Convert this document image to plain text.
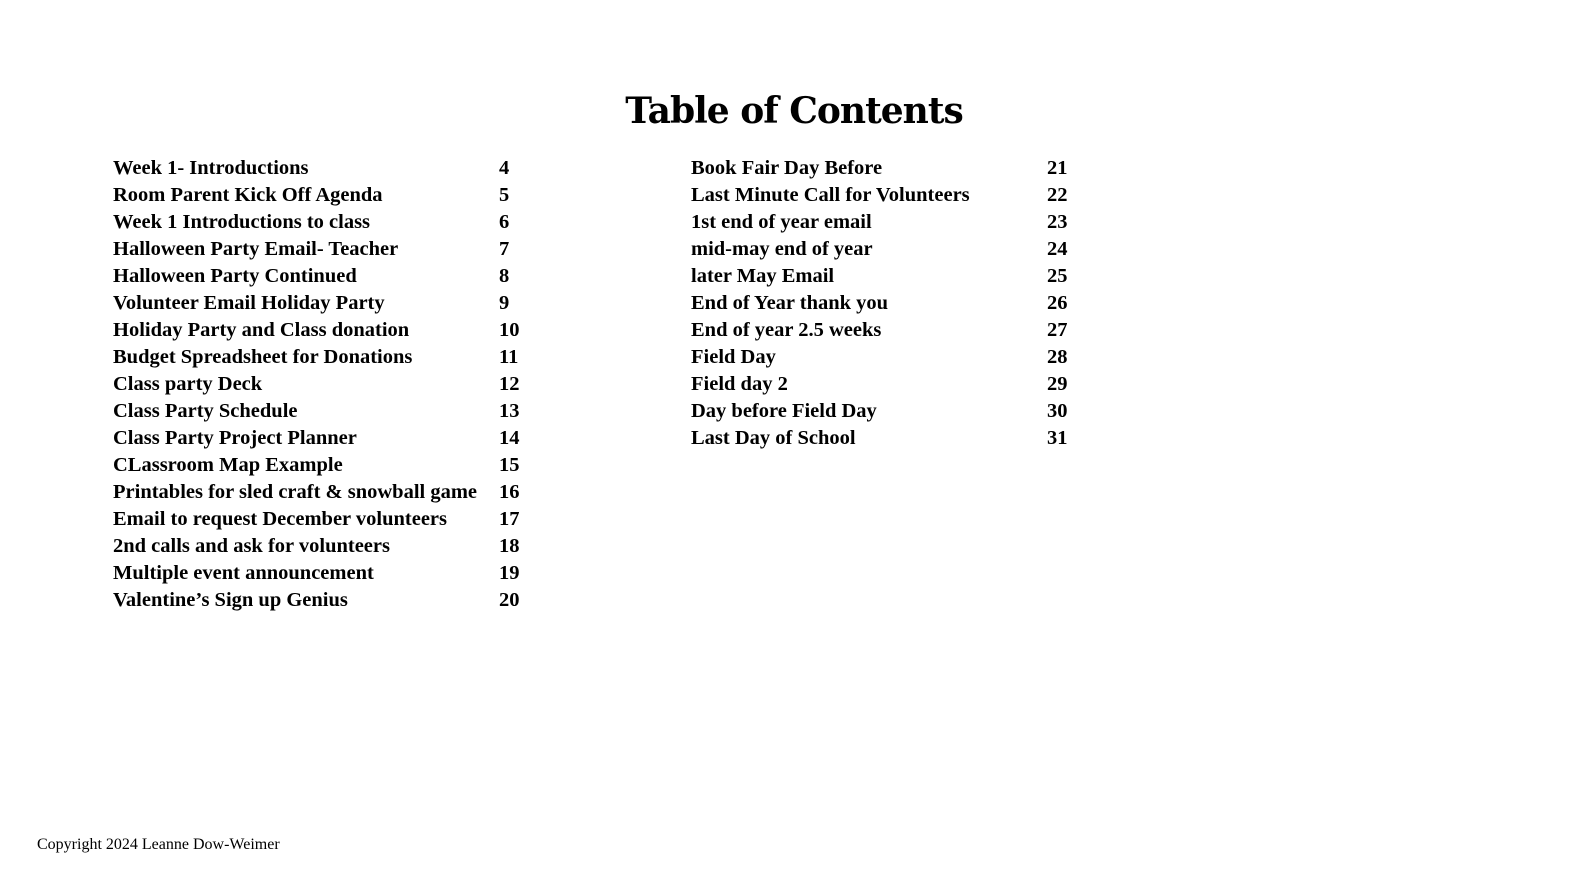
Table of Contents
Week 1- Introductions	4
Room Parent Kick Off Agenda	5
Week 1 Introductions to class	6
Halloween Party Email- Teacher	7
Halloween Party Continued	8
Volunteer Email Holiday Party	9
Holiday Party and Class donation	10
Budget Spreadsheet for Donations	11
Class party Deck	12
Class Party Schedule	13
Class Party Project Planner	14
CLassroom Map Example	15
Printables for sled craft & snowball game 16
Email to request December volunteers	17
2nd calls and ask for volunteers	18
Multiple event announcement	19
Valentine’s Sign up Genius	20
Book Fair Day Before	21
Last Minute Call for Volunteers	22
1st end of year email	23
mid-may end of year	24
later May Email	25
End of Year thank you	26
End of year 2.5 weeks	27
Field Day	28
Field day 2	29
Day before Field Day	30
Last Day of School	31
Copyright 2024 Leanne Dow-Weimer
